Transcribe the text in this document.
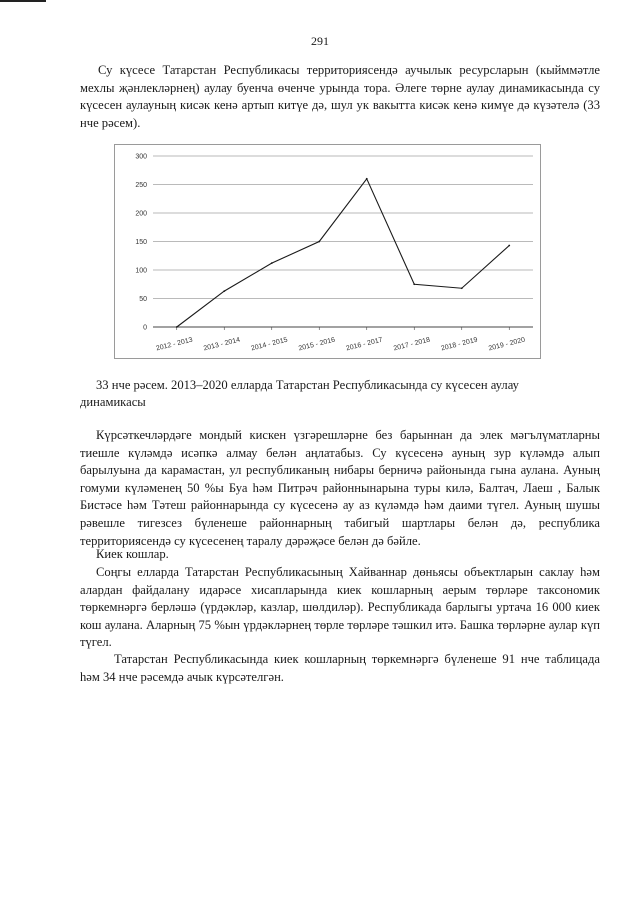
291

Су күсесе Татарстан Республикасы территориясендә аучылык ресурсларын (кыйммәтле мехлы җәнлекләрнең) аулау буенча өченче урында тора. Әлеге төрне аулау динамикасында су күсесен аулауның кисәк кенә артып китүе дә, шул ук вакытта кисәк кенә кимүе дә күзәтелә (33 нче рәсем).

0
50
100
150
200
250
300
2012 - 2013 2013 - 2014 2014 - 2015 2015 - 2016 2016 - 2017 2017 - 2018 2018 - 2019 2019 - 2020
33 нче рәсем. 2013–2020 елларда Татарстан Республикасында су күсесен аулау
динамикасы

Күрсәткечләрдәге мондый кискен үзгәрешләрне без барыннан да элек мәгълүматларны тиешле күләмдә исәпкә алмау белән аңлатабыз. Су күсесенә ауның зур күләмдә алып барылуына да карамастан, ул республиканың нибары берничә районында гына аулана. Ауның гомуми күләменең 50 %ы Буа һәм Питрәч районнынарына туры килә, Балтач, Лаеш , Балык Бистәсе һәм Тәтеш районнарында су күсесенә ау аз күләмдә һәм даими түгел. Ауның шушы рәвешле тигезсез бүленеше районнарның табигый шартлары белән дә, республика территориясендә су күсесенең таралу дәрәҗәсе белән дә бәйле.

Киек кошлар.

Соңгы елларда Татарстан Республикасының Хайваннар дөньясы объектларын саклау һәм алардан файдалану идарәсе хисапларында киек кошларның аерым төрләре таксономик төркемнәргә берләшә (үрдәкләр, казлар, шөлдиләр). Республикада барлыгы уртача 16 000 киек кош аулана. Аларның 75 %ын үрдәкләрнең төрле төрләре тәшкил итә. Башка төрләрне аулар күп түгел.

Татарстан Республикасында киек кошларның төркемнәргә бүленеше 91 нче таблицада һәм 34 нче рәсемдә ачык күрсәтелгән.
